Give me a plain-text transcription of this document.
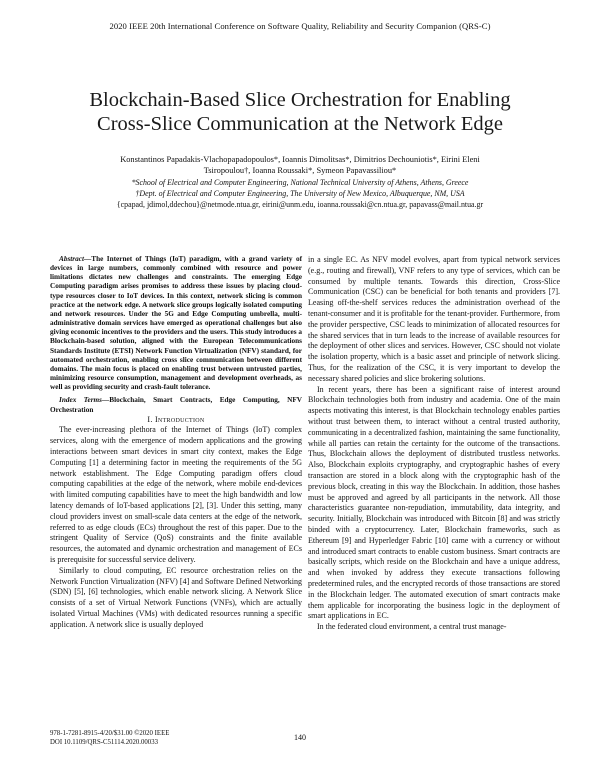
2020 IEEE 20th International Conference on Software Quality, Reliability and Security Companion (QRS-C)
Blockchain-Based Slice Orchestration for Enabling
Cross-Slice Communication at the Network Edge
Konstantinos Papadakis-Vlachopapadopoulos*, Ioannis Dimolitsas*, Dimitrios Dechouniotis*, Eirini Eleni
Tsiropoulou†, Ioanna Roussaki*, Symeon Papavassiliou*
*School of Electrical and Computer Engineering, National Technical University of Athens, Athens, Greece
†Dept. of Electrical and Computer Engineering, The University of New Mexico, Albuquerque, NM, USA
{cpapad, jdimol,ddechou}@netmode.ntua.gr, eirini@unm.edu, ioanna.roussaki@cn.ntua.gr, papavass@mail.ntua.gr

Abstract—The Internet of Things (IoT) paradigm, with a grand variety of devices in large numbers, commonly combined with resource and power limitations dictates new challenges and constraints. The emerging Edge Computing paradigm arises promises to address these issues by placing cloud-type resources closer to IoT devices. In this context, network slicing is common practice at the network edge. A network slice groups logically isolated computing and network resources. Under the 5G and Edge Computing umbrella, multi-administrative domain services have emerged as operational challenges but also giving economic incentives to the providers and the users. This study introduces a Blockchain-based solution, aligned with the European Telecommunications Standards Institute (ETSI) Network Function Virtualization (NFV) standard, for automated orchestration, enabling cross slice communication between different domains. The main focus is placed on enabling trust between untrusted parties, minimizing resource consumption, management and development overheads, as well as providing security and crash-fault tolerance.

Index Terms—Blockchain, Smart Contracts, Edge Computing, NFV Orchestration

I. Introduction

The ever-increasing plethora of the Internet of Things (IoT) complex services, along with the emergence of modern applications and the growing interactions between smart devices in smart city context, makes the Edge Computing [1] a determining factor in meeting the requirements of the 5G network establishment. The Edge Computing paradigm offers cloud computing capabilities at the edge of the network, where mobile end-devices with limited computing capabilities have to meet the high bandwidth and low latency demands of IoT-based applications [2], [3]. Under this setting, many cloud providers invest on small-scale data centers at the edge of the network, referred to as edge clouds (ECs) throughout the rest of this paper. Due to the stringent Quality of Service (QoS) constraints and the finite available resources, the automated and dynamic orchestration and management of ECs is prerequisite for successful service delivery.

Similarly to cloud computing, EC resource orchestration relies on the Network Function Virtualization (NFV) [4] and Software Defined Networking (SDN) [5], [6] technologies, which enable network slicing. A Network Slice consists of a set of Virtual Network Functions (VNFs), which are actually isolated Virtual Machines (VMs) with dedicated resources running a specific application. A network slice is usually deployed

in a single EC. As NFV model evolves, apart from typical network services (e.g., routing and firewall), VNF refers to any type of services, which can be consumed by multiple tenants. Towards this direction, Cross-Slice Communication (CSC) can be beneficial for both tenants and providers [7]. Leasing off-the-shelf services reduces the administration overhead of the tenant-consumer and it is profitable for the tenant-provider. Furthermore, from the provider perspective, CSC leads to minimization of allocated resources for the shared services that in turn leads to the increase of available resources for the deployment of other slices and services. However, CSC should not violate the isolation property, which is a basic asset and principle of network slicing. Thus, for the realization of the CSC, it is very important to develop the necessary shared policies and slice brokering solutions.

In recent years, there has been a significant raise of interest around Blockchain technologies both from industry and academia. One of the main aspects motivating this interest, is that Blockchain technology enables parties without trust between them, to interact without a central trusted authority, communicating in a decentralized fashion, maintaining the same functionality, while all parties can retain the certainty for the outcome of the transactions. Thus, Blockchain allows the deployment of distributed trustless networks. Also, Blockchain exploits cryptography, and cryptographic hashes of every transaction are stored in a block along with the cryptographic hash of the previous block, creating in this way the Blockchain. In addition, those hashes must be approved and agreed by all participants in the network. All those characteristics guarantee non-repudiation, immutability, data integrity, and security. Initially, Blockchain was introduced with Bitcoin [8] and was strictly binded with a cryptocurrency. Later, Blockchain frameworks, such as Ethereum [9] and Hyperledger Fabric [10] came with a currency or without and introduced smart contracts to enable custom business. Smart contracts are basically scripts, which reside on the Blockchain and have a unique address, and when invoked by address they execute transactions following predetermined rules, and the encrypted records of those transactions are stored in the Blockchain ledger. The automated execution of smart contracts make them applicable for incorporating the business logic in the deployment of smart applications in EC.

In the federated cloud environment, a central trust manage-

978-1-7281-8915-4/20/$31.00 ©2020 IEEE
DOI 10.1109/QRS-C51114.2020.00033	140
